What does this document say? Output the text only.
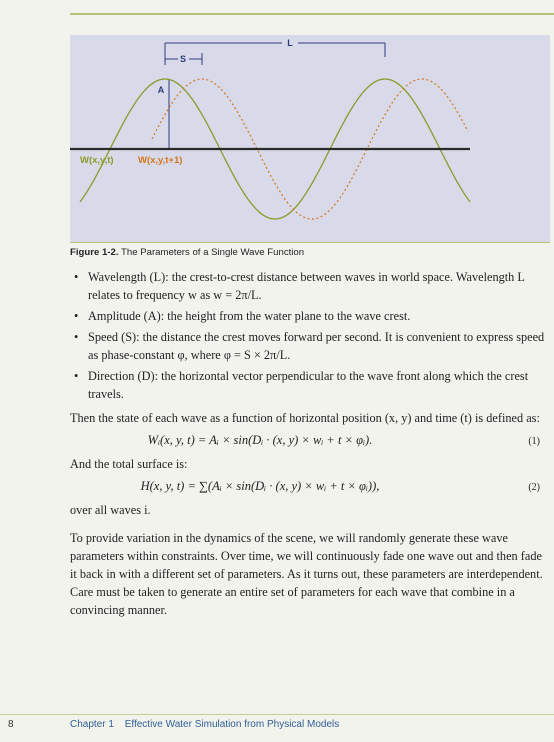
L
S
A
W(x,y,t)	W(x,y,t+1)
Figure 1-2. The Parameters of a Single Wave Function
• Wavelength (L): the crest-to-crest distance between waves in world space. Wavelength L relates to frequency w as w = 2π/L.
• Amplitude (A): the height from the water plane to the wave crest.
• Speed (S): the distance the crest moves forward per second. It is convenient to express speed as phase-constant φ, where φ = S × 2π/L.
• Direction (D): the horizontal vector perpendicular to the wave front along which the crest travels.

Then the state of each wave as a function of horizontal position (x, y) and time (t) is defined as:

Wᵢ(x, y, t) = Aᵢ × sin(Dᵢ · (x, y) × wᵢ + t × φᵢ).	(1)

And the total surface is:

H(x, y, t) = ∑(Aᵢ × sin(Dᵢ · (x, y) × wᵢ + t × φᵢ)),	(2)

over all waves i.

To provide variation in the dynamics of the scene, we will randomly generate these wave parameters within constraints. Over time, we will continuously fade one wave out and then fade it back in with a different set of parameters. As it turns out, these parameters are interdependent. Care must be taken to generate an entire set of parameters for each wave that combine in a convincing manner.

8	Chapter 1 Effective Water Simulation from Physical Models
